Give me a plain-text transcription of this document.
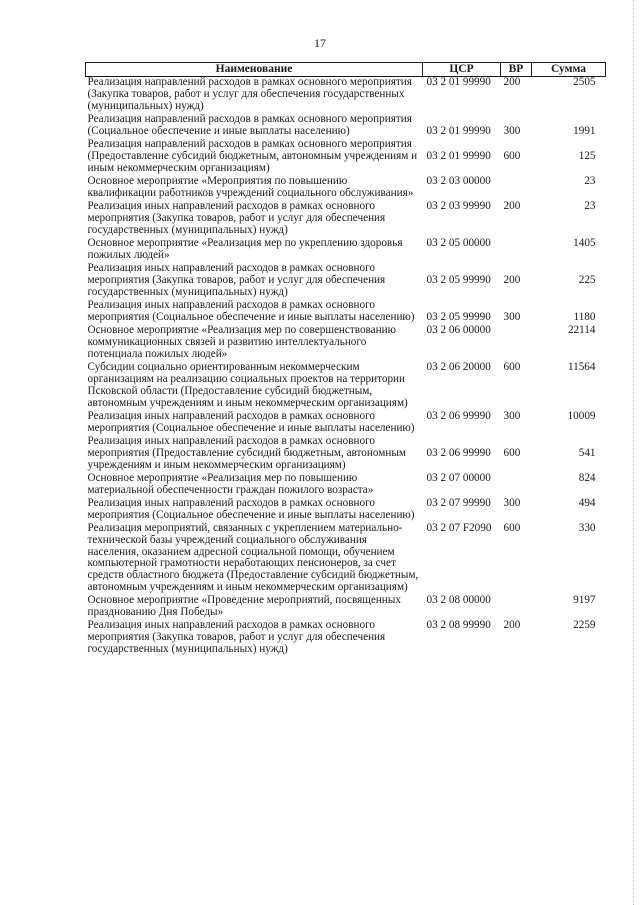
17
Наименование	ЦСР	ВР	Сумма
Реализация направлений расходов в рамках основного мероприятия (Закупка товаров, работ и услуг для обеспечения государственных (муниципальных) нужд)	03 2 01 99990	200	2505
Реализация направлений расходов в рамках основного мероприятия (Социальное обеспечение и иные выплаты населению)	03 2 01 99990	300	1991
Реализация направлений расходов в рамках основного мероприятия (Предоставление субсидий бюджетным, автономным учреждениям и иным некоммерческим организациям)	03 2 01 99990	600	125
Основное мероприятие «Мероприятия по повышению квалификации работников учреждений социального обслуживания»	03 2 03 00000		23
Реализация иных направлений расходов в рамках основного мероприятия (Закупка товаров, работ и услуг для обеспечения государственных (муниципальных) нужд)	03 2 03 99990	200	23
Основное мероприятие «Реализация мер по укреплению здоровья пожилых людей»	03 2 05 00000		1405
Реализация иных направлений расходов в рамках основного мероприятия (Закупка товаров, работ и услуг для обеспечения государственных (муниципальных) нужд)	03 2 05 99990	200	225
Реализация иных направлений расходов в рамках основного мероприятия (Социальное обеспечение и иные выплаты населению)	03 2 05 99990	300	1180
Основное мероприятие «Реализация мер по совершенствованию коммуникационных связей и развитию интеллектуального потенциала пожилых людей»	03 2 06 00000		22114
Субсидии социально ориентированным некоммерческим организациям на реализацию социальных проектов на территории Псковской области (Предоставление субсидий бюджетным, автономным учреждениям и иным некоммерческим организациям)	03 2 06 20000	600	11564
Реализация иных направлений расходов в рамках основного мероприятия (Социальное обеспечение и иные выплаты населению)	03 2 06 99990	300	10009
Реализация иных направлений расходов в рамках основного мероприятия (Предоставление субсидий бюджетным, автономным учреждениям и иным некоммерческим организациям)	03 2 06 99990	600	541
Основное мероприятие «Реализация мер по повышению материальной обеспеченности граждан пожилого возраста»	03 2 07 00000		824
Реализация иных направлений расходов в рамках основного мероприятия (Социальное обеспечение и иные выплаты населению)	03 2 07 99990	300	494
Реализация мероприятий, связанных с укреплением материально-технической базы учреждений социального обслуживания населения, оказанием адресной социальной помощи, обучением компьютерной грамотности неработающих пенсионеров, за счет средств областного бюджета (Предоставление субсидий бюджетным, автономным учреждениям и иным некоммерческим организациям)	03 2 07 F2090	600	330
Основное мероприятие «Проведение мероприятий, посвященных празднованию Дня Победы»	03 2 08 00000		9197
Реализация иных направлений расходов в рамках основного мероприятия (Закупка товаров, работ и услуг для обеспечения государственных (муниципальных) нужд)	03 2 08 99990	200	2259
